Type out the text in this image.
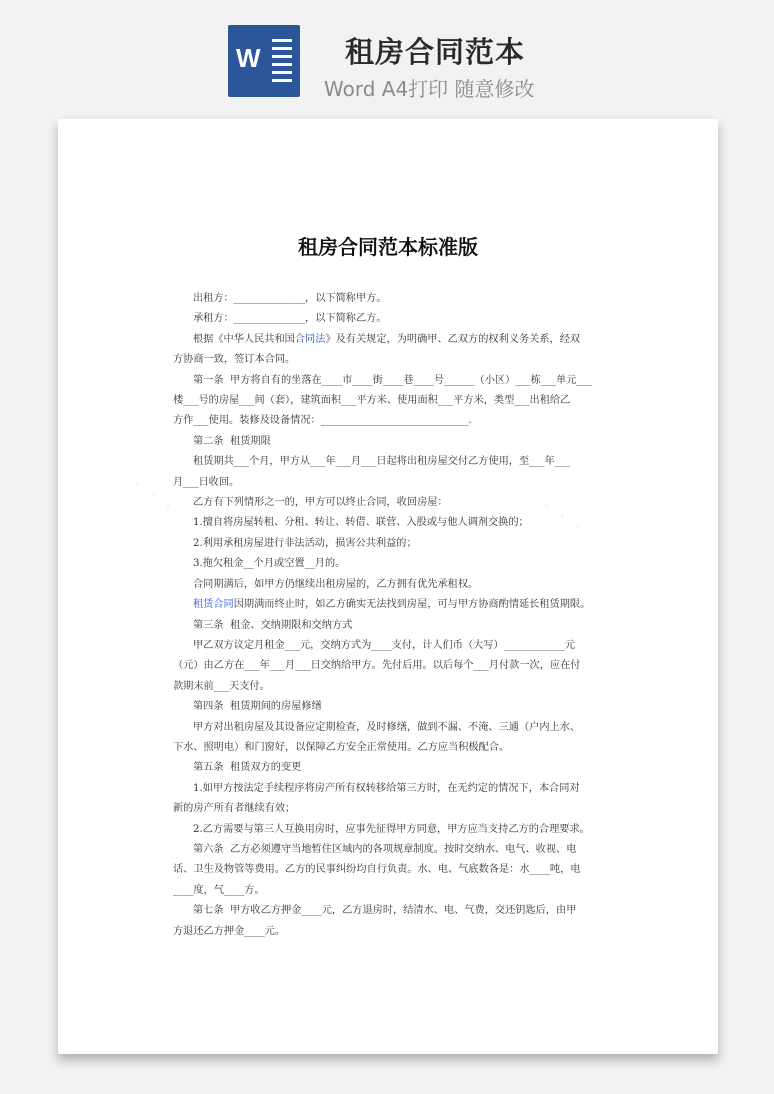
W	租房合同范本
Word A4打印 随意修改
· · ·	· · ·
租房合同范本标准版

出租方：______________，以下简称甲方。

承租方：______________，以下简称乙方。

根据《中华人民共和国合同法》及有关规定，为明确甲、乙双方的权利义务关系，经双

方协商一致，签订本合同。

第一条  甲方将自有的坐落在____市____街____巷____号______（小区）___栋___单元___

楼___号的房屋___间（套），建筑面积___平方米、使用面积___平方米，类型___出租给乙

方作___使用。装修及设备情况：_____________________________.

第二条  租赁期限

租赁期共___个月，甲方从___年___月___日起将出租房屋交付乙方使用，至___年___

月___日收回。

乙方有下列情形之一的，甲方可以终止合同，收回房屋：

1.擅自将房屋转租、分租、转让、转借、联营、入股或与他人调剂交换的；

2.利用承租房屋进行非法活动，损害公共利益的；

3.拖欠租金__个月或空置__月的。

合同期满后，如甲方仍继续出租房屋的，乙方拥有优先承租权。

租赁合同因期满而终止时，如乙方确实无法找到房屋，可与甲方协商酌情延长租赁期限。

第三条  租金、交纳期限和交纳方式

甲乙双方议定月租金___元，交纳方式为____支付，计人们币（大写）____________元

（元）由乙方在___年___月___日交纳给甲方。先付后用。以后每个___月付款一次，应在付

款期末前___天支付。

第四条  租赁期间的房屋修缮

甲方对出租房屋及其设备应定期检查，及时修缮，做到不漏、不淹、三通（户内上水、

下水、照明电）和门窗好，以保障乙方安全正常使用。乙方应当积极配合。

第五条  租赁双方的变更

1.如甲方按法定手续程序将房产所有权转移给第三方时，在无约定的情况下，本合同对

新的房产所有者继续有效；

2.乙方需要与第三人互换用房时，应事先征得甲方同意，甲方应当支持乙方的合理要求。

第六条  乙方必须遵守当地暂住区域内的各项规章制度。按时交纳水、电气、收视、电

话、卫生及物管等费用。乙方的民事纠纷均自行负责。水、电、气底数各是：水____吨，电

____度，气____方。

第七条  甲方收乙方押金____元，乙方退房时，结清水、电、气费，交还钥匙后，由甲

方退还乙方押金____元。
